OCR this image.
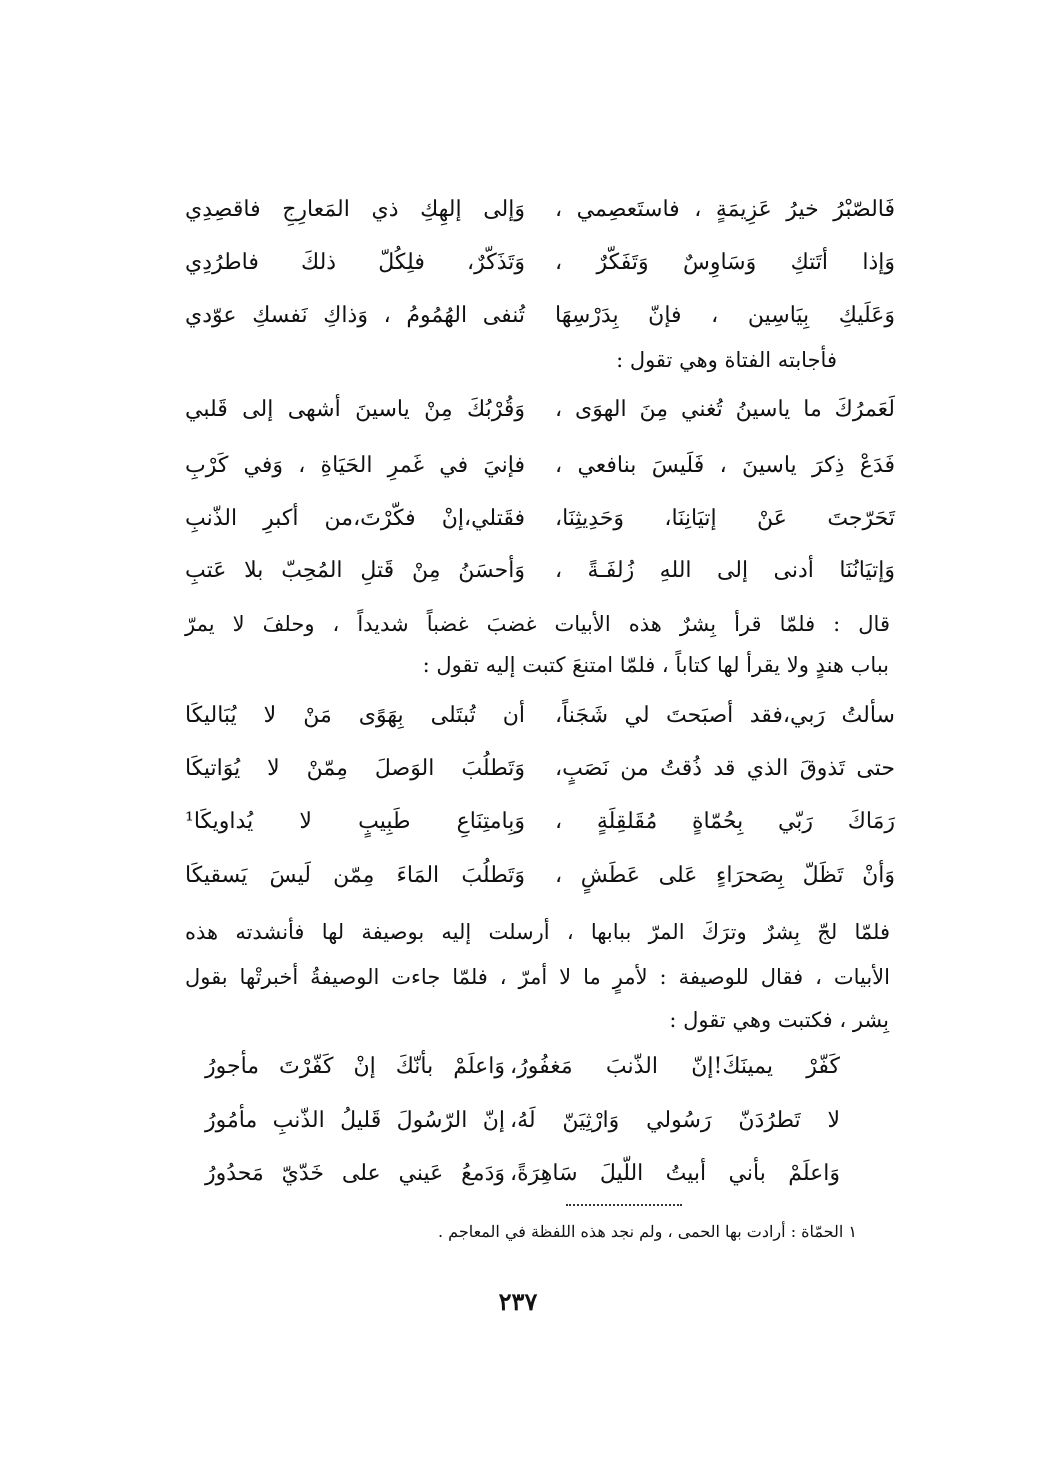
فَالصّبْرُ خيرُ عَزِيمَةٍ ، فاستَعصِمي ،
وَإلى إلهِكِ ذي المَعارِجِ فاقصِدِي
وَإذا أتَتكِ وَسَاوِسٌ وَتَفَكّرٌ ،
وَتَذَكّرٌ، فلِكُلّ ذلكَ فاطرُدِي
وَعَلَيكِ بِيَاسِين ، فإنّ بِدَرْسِهَا
تُنفى الهُمُومُ ، وَذاكِ نَفسكِ عوّدي
فأجابته الفتاة وهي تقول :
لَعَمرُكَ ما ياسينُ تُغني مِنَ الهوَى ،
وَقُرْبُكَ مِنْ ياسينَ أشهى إلى قَلبي
فَدَعْ ذِكرَ ياسينَ ، فَلَيسَ بنافعي ،
فإنيَ في غَمرِ الحَيَاةِ ، وَفي كَرْبِ
تَحَرّجتَ عَنْ إتيَانِنَا، وَحَدِيثِنَا،
فقَتلي،إنْ فكّرْتَ،من أكبرِ الذّنبِ
وَإتيَانُنَا أدنى إلى اللهِ زُلفَـةً ،
وَأحسَنُ مِنْ قَتلِ المُحِبّ بلا عَتبِ
قال : فلمّا قرأ بِشرٌ هذه الأبيات غضبَ غضباً شديداً ، وحلفَ لا يمرّ
بباب هندٍ ولا يقرأ لها كتاباً ، فلمّا امتنعَ كتبت إليه تقول :
سألتُ رَبي،فقد أصبَحتَ لي شَجَناً،
أن تُبتَلى بِهَوًى مَنْ لا يُبَاليكَا
حتى تَذوقَ الذي قد ذُقتُ من نَصَبٍ،
وَتَطلُبَ الوَصلَ مِمّنْ لا يُوَاتيكَا
رَمَاكَ رَبّي بِحُمّاةٍ مُقَلقِلَةٍ ،
وَبِامتِنَاعِ طَبِيبٍ لا يُداويكَا¹
وَأنْ تَظَلّ بِصَحرَاءٍ عَلى عَطَشٍ ،
وَتَطلُبَ المَاءَ مِمّن لَيسَ يَسقيكَا
فلمّا لجّ بِشرٌ وترَكَ المرّ ببابها ، أرسلت إليه بوصيفة لها فأنشدته هذه
الأبيات ، فقال للوصيفة : لأمرٍ ما لا أمرّ ، فلمّا جاءت الوصيفةُ أخبرتْها بقول
بِشر ، فكتبت وهي تقول :
كَفّرْ يمينَكَ!إنّ الذّنبَ مَغفُورُ،
وَاعلَمْ بأنّكَ إنْ كَفّرْتَ مأجورُ
لا تَطرُدَنّ رَسُولي وَارْثِيَنّ لَهُ،
إنّ الرّسُولَ قَليلُ الذّنبِ مأمُورُ
وَاعلَمْ بأني أبيتُ اللّيلَ سَاهِرَةً،
وَدَمعُ عَيني على خَدّيّ مَحدُورُ
١ الحمّاة : أرادت بها الحمى ، ولم نجد هذه اللفظة في المعاجم .
٢٣٧
